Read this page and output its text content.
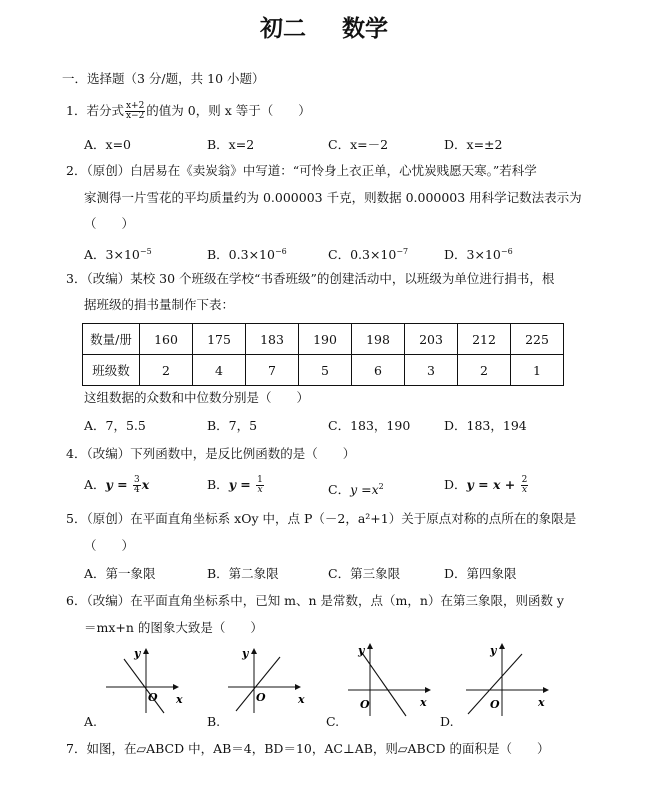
初二 数学
一．选择题（3 分/题，共 10 小题）
1．若分式 $\frac{x+2}{x-2}$ 的值为 0，则 x 等于（　　）
A．x=0	B．x=2	C．x=－2	D．x=±2
2．（原创）白居易在《卖炭翁》中写道：“可怜身上衣正单，心忧炭贱愿天寒。”若科学
家测得一片雪花的平均质量约为 0.000003 千克，则数据 0.000003 用科学记数法表示为
（　　）
A．$3\times 10^{-5}$	B．$0.3\times 10^{-6}$	C．$0.3\times 10^{-7}$	D．$3\times 10^{-6}$
3．（改编）某校 30 个班级在学校“书香班级”的创建活动中，以班级为单位进行捐书，根
据班级的捐书量制作下表：
数量/册	160	175	183	190	198	203	212	225
班级数	2	4	7	5	6	3	2	1
这组数据的众数和中位数分别是（　　）
A．7，5.5	B．7，5	C．183，190	D．183，194
4．（改编）下列函数中，是反比例函数的是（　　）
A．$y = \frac{3}{4}$ x	B．$y = \frac{1}{x}$	C．$y =x^2$	D．$y = x + \frac{2}{x}$
5．（原创）在平面直角坐标系 xOy 中，点 P（－2，a²+1）关于原点对称的点所在的象限是
（　　）
A．第一象限	B．第二象限	C．第三象限	D．第四象限
6．（改编）在平面直角坐标系中，已知 m、n 是常数，点（m，n）在第三象限，则函数 y
＝mx+n 的图象大致是（　　）
y
x
O
y
x
O
y
x
O
y
x
O
A.	B.	C.	D.
7．如图，在▱ABCD 中，AB＝4，BD＝10，AC⊥AB，则▱ABCD 的面积是（　　）
